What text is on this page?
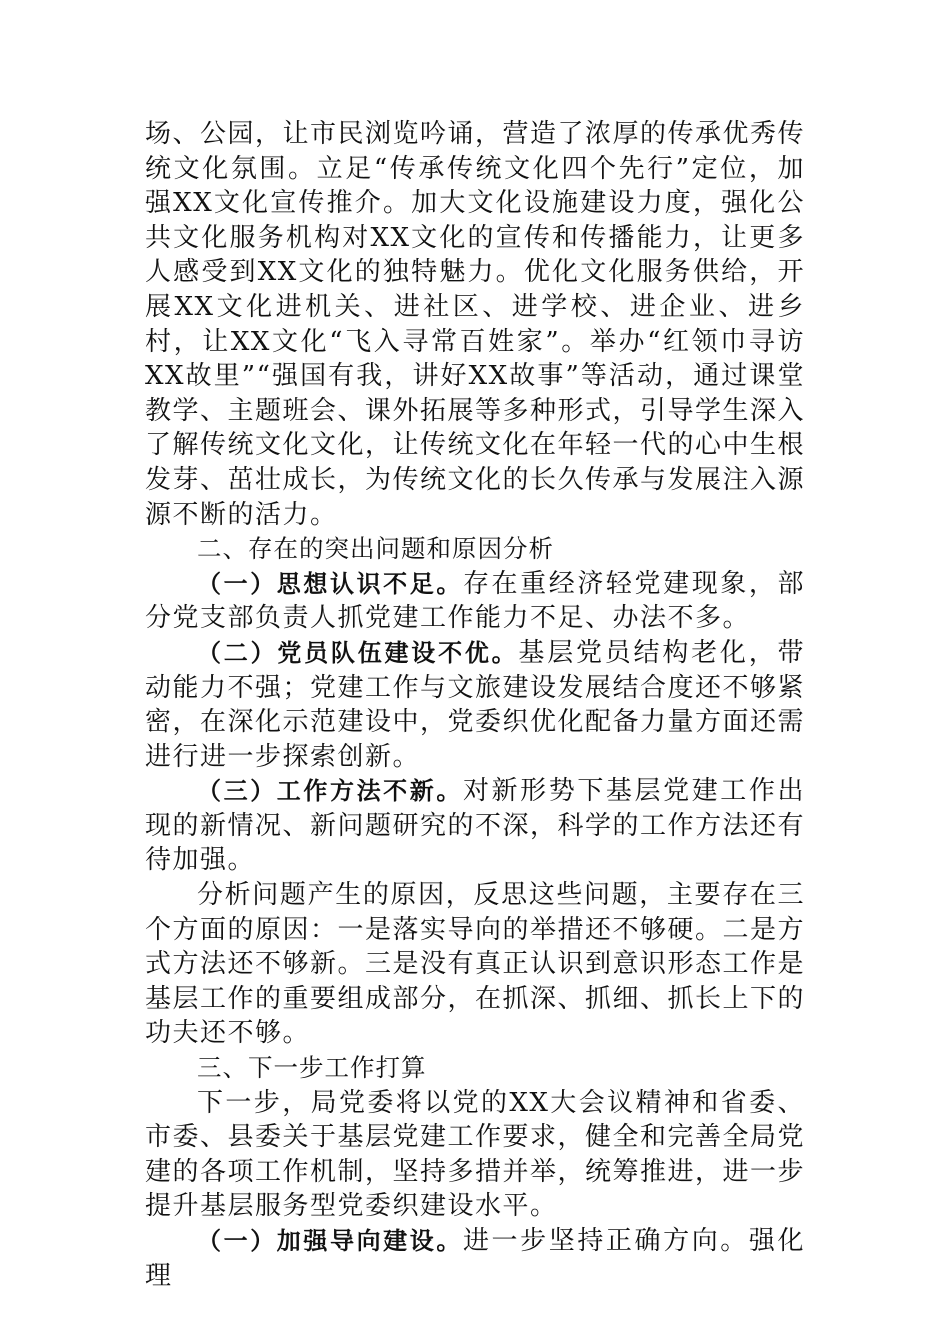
场、公园，让市民浏览吟诵，营造了浓厚的传承优秀传统文化氛围。立足“传承传统文化四个先行”定位，加强XX文化宣传推介。加大文化设施建设力度，强化公共文化服务机构对XX文化的宣传和传播能力，让更多人感受到XX文化的独特魅力。优化文化服务供给，开展XX文化进机关、进社区、进学校、进企业、进乡村，让XX文化“飞入寻常百姓家”。举办“红领巾寻访XX故里”“强国有我，讲好XX故事”等活动，通过课堂教学、主题班会、课外拓展等多种形式，引导学生深入了解传统文化文化，让传统文化在年轻一代的心中生根发芽、茁壮成长，为传统文化的长久传承与发展注入源源不断的活力。

二、存在的突出问题和原因分析

（一）思想认识不足。存在重经济轻党建现象，部分党支部负责人抓党建工作能力不足、办法不多。

（二）党员队伍建设不优。基层党员结构老化，带动能力不强；党建工作与文旅建设发展结合度还不够紧密，在深化示范建设中，党委织优化配备力量方面还需进行进一步探索创新。

（三）工作方法不新。对新形势下基层党建工作出现的新情况、新问题研究的不深，科学的工作方法还有待加强。

分析问题产生的原因，反思这些问题，主要存在三个方面的原因：一是落实导向的举措还不够硬。二是方式方法还不够新。三是没有真正认识到意识形态工作是基层工作的重要组成部分，在抓深、抓细、抓长上下的功夫还不够。

三、下一步工作打算

下一步，局党委将以党的XX大会议精神和省委、市委、县委关于基层党建工作要求，健全和完善全局党建的各项工作机制，坚持多措并举，统筹推进，进一步提升基层服务型党委织建设水平。

（一）加强导向建设。进一步坚持正确方向。强化理
